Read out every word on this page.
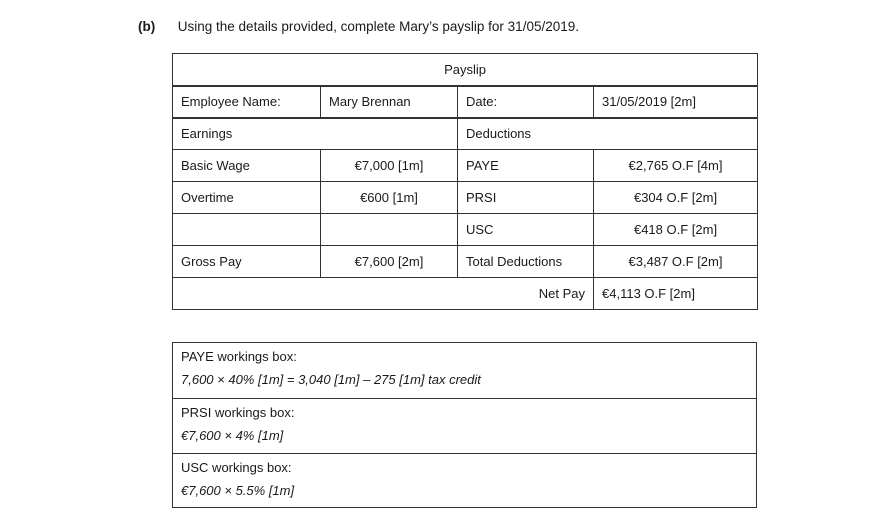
(b) Using the details provided, complete Mary’s payslip for 31/05/2019.
Payslip			
Employee Name:	Mary Brennan	Date:	31/05/2019 [2m]
Earnings		Deductions	
Basic Wage	€7,000 [1m]	PAYE	€2,765 O.F [4m]
Overtime	€600 [1m]	PRSI	€304 O.F [2m]
		USC	€418 O.F [2m]
Gross Pay	€7,600 [2m]	Total Deductions	€3,487 O.F [2m]
Net Pay			€4,113 O.F [2m]
PAYE workings box:
7,600 × 40% [1m] = 3,040 [1m] – 275 [1m] tax credit
PRSI workings box:
€7,600 × 4% [1m]
USC workings box:
€7,600 × 5.5% [1m]
